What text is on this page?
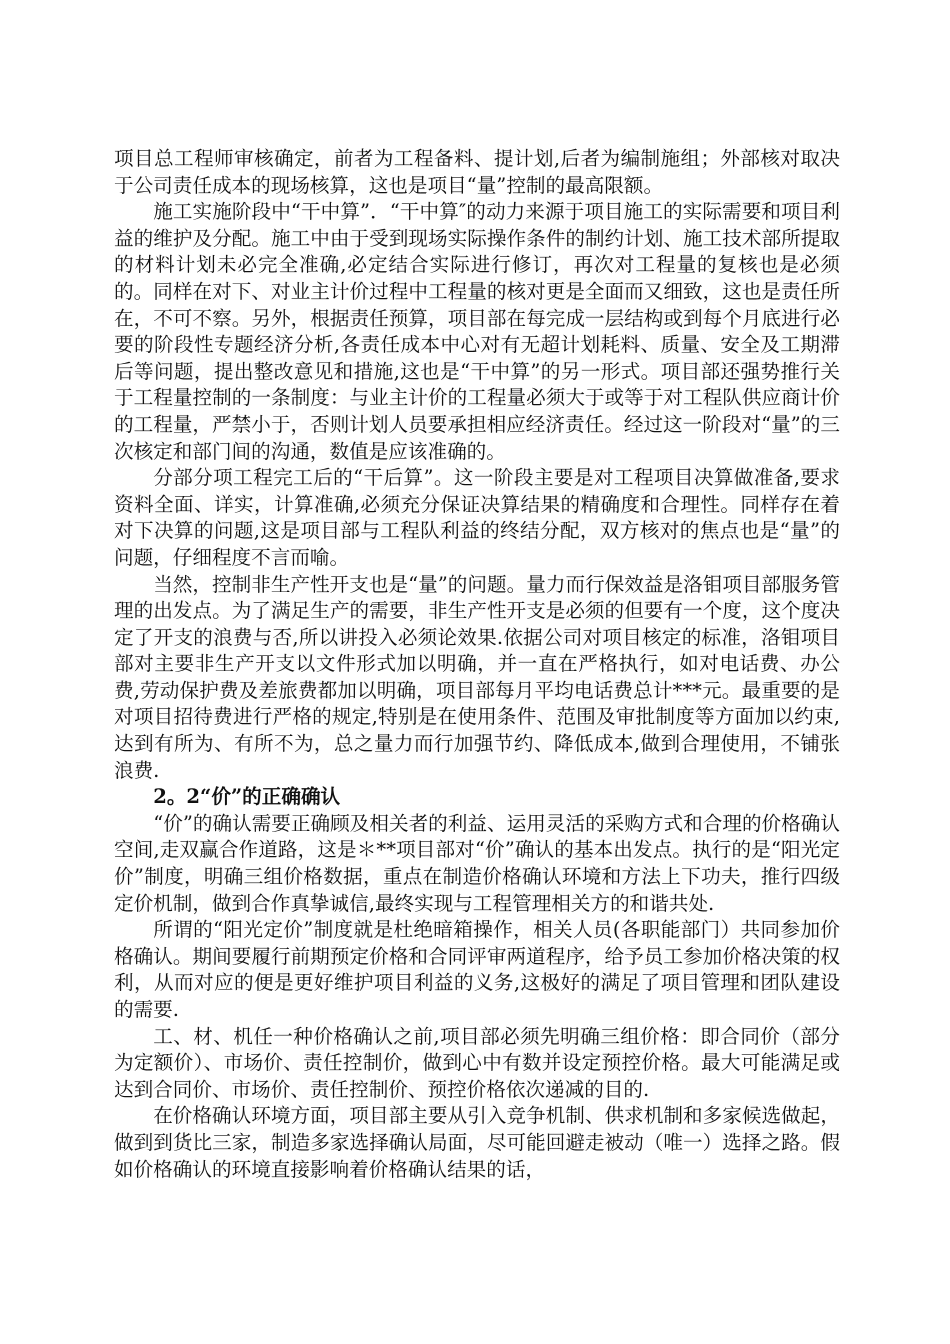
项目总工程师审核确定，前者为工程备料、提计划,后者为编制施组；外部核对取决于公司责任成本的现场核算，这也是项目“量”控制的最高限额。

施工实施阶段中“干中算”．“干中算″的动力来源于项目施工的实际需要和项目利益的维护及分配。施工中由于受到现场实际操作条件的制约计划、施工技术部所提取的材料计划未必完全准确,必定结合实际进行修订，再次对工程量的复核也是必须的。同样在对下、对业主计价过程中工程量的核对更是全面而又细致，这也是责任所在，不可不察。另外，根据责任预算，项目部在每完成一层结构或到每个月底进行必要的阶段性专题经济分析,各责任成本中心对有无超计划耗料、质量、安全及工期滞后等问题，提出整改意见和措施,这也是“干中算”的另一形式。项目部还强势推行关于工程量控制的一条制度：与业主计价的工程量必须大于或等于对工程队供应商计价的工程量，严禁小于，否则计划人员要承担相应经济责任。经过这一阶段对“量”的三次核定和部门间的沟通，数值是应该准确的。

分部分项工程完工后的“干后算”。这一阶段主要是对工程项目决算做准备,要求资料全面、详实，计算准确,必须充分保证决算结果的精确度和合理性。同样存在着对下决算的问题,这是项目部与工程队利益的终结分配，双方核对的焦点也是“量”的问题，仔细程度不言而喻。

当然，控制非生产性开支也是“量”的问题。量力而行保效益是洛钼项目部服务管理的出发点。为了满足生产的需要，非生产性开支是必须的但要有一个度，这个度决定了开支的浪费与否,所以讲投入必须论效果.依据公司对项目核定的标准，洛钼项目部对主要非生产开支以文件形式加以明确，并一直在严格执行，如对电话费、办公费,劳动保护费及差旅费都加以明确，项目部每月平均电话费总计***元。最重要的是对项目招待费进行严格的规定,特别是在使用条件、范围及审批制度等方面加以约束,达到有所为、有所不为，总之量力而行加强节约、降低成本,做到合理使用，不铺张浪费.

2。2“价”的正确确认

“价”的确认需要正确顾及相关者的利益、运用灵活的采购方式和合理的价格确认空间,走双赢合作道路，这是＊**项目部对“价”确认的基本出发点。执行的是“阳光定价”制度，明确三组价格数据，重点在制造价格确认环境和方法上下功夫，推行四级定价机制，做到合作真挚诚信,最终实现与工程管理相关方的和谐共处.

所谓的“阳光定价”制度就是杜绝暗箱操作，相关人员(各职能部门）共同参加价格确认。期间要履行前期预定价格和合同评审两道程序，给予员工参加价格决策的权利，从而对应的便是更好维护项目利益的义务,这极好的满足了项目管理和团队建设的需要.

工、材、机任一种价格确认之前,项目部必须先明确三组价格：即合同价（部分为定额价）、市场价、责任控制价，做到心中有数并设定预控价格。最大可能满足或达到合同价、市场价、责任控制价、预控价格依次递减的目的.

在价格确认环境方面，项目部主要从引入竞争机制、供求机制和多家候选做起，做到到货比三家，制造多家选择确认局面，尽可能回避走被动（唯一）选择之路。假如价格确认的环境直接影响着价格确认结果的话，
